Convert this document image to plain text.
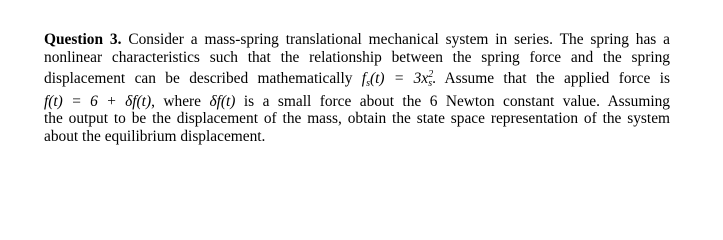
Question 3. Consider a mass-spring translational mechanical system in series. The spring has a
nonlinear characteristics such that the relationship between the spring force and the spring
displacement can be described mathematically $f_s(t) = 3x^2_s$. Assume that the applied force is
f(t) = 6 + δf(t), where δf(t) is a small force about the 6 Newton constant value. Assuming
the output to be the displacement of the mass, obtain the state space representation of the system
about the equilibrium displacement.
